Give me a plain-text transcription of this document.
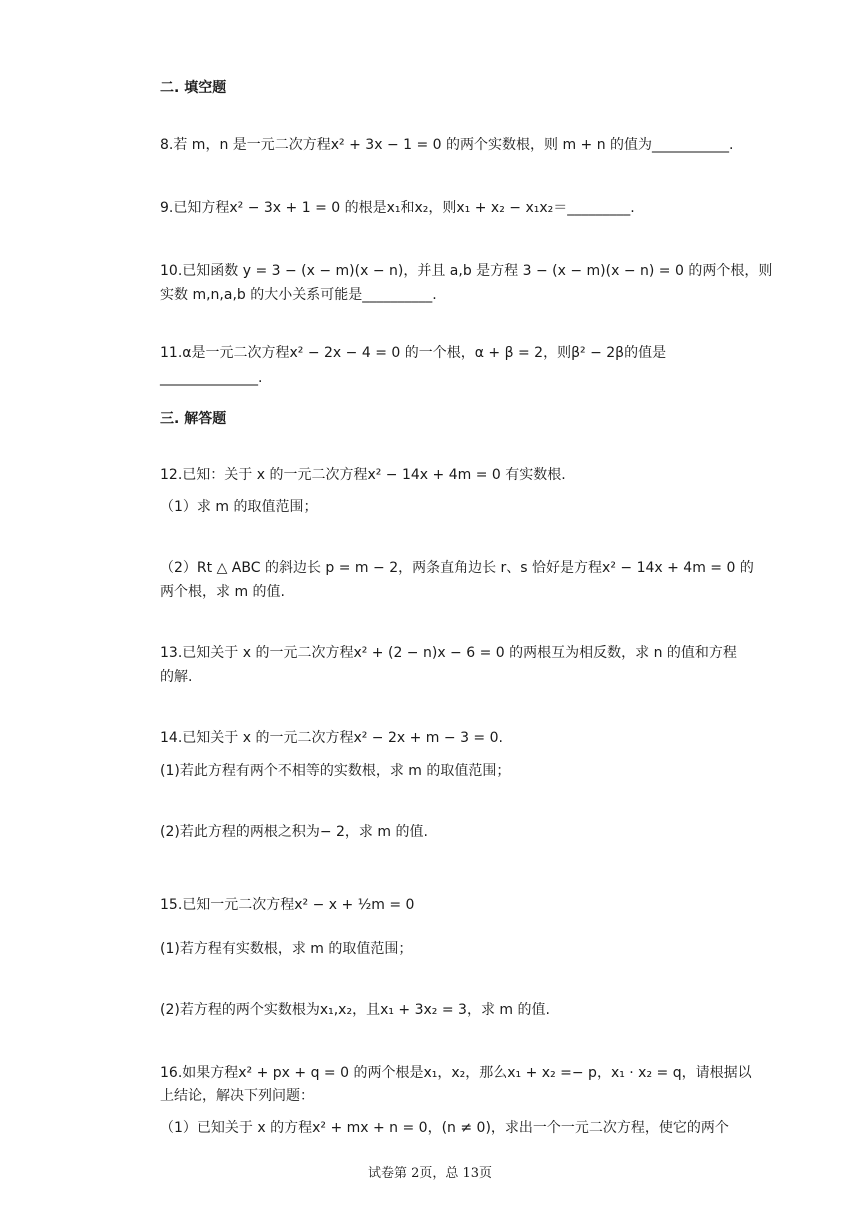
二. 填空题
8.若 m，n 是一元二次方程x² + 3x − 1 = 0 的两个实数根，则 m + n 的值为___________.
9.已知方程x² − 3x + 1 = 0 的根是x₁和x₂，则x₁ + x₂ − x₁x₂＝_________.
10.已知函数 y = 3 − (x − m)(x − n)，并且 a,b 是方程 3 − (x − m)(x − n) = 0 的两个根，则
实数 m,n,a,b 的大小关系可能是__________.
11.α是一元二次方程x² − 2x − 4 = 0 的一个根，α + β = 2，则β² − 2β的值是
______________.
三. 解答题
12.已知：关于 x 的一元二次方程x² − 14x + 4m = 0 有实数根.
（1）求 m 的取值范围；
（2）Rt △ ABC 的斜边长 p = m − 2，两条直角边长 r、s 恰好是方程x² − 14x + 4m = 0 的
两个根，求 m 的值.
13.已知关于 x 的一元二次方程x² + (2 − n)x − 6 = 0 的两根互为相反数，求 n 的值和方程
的解.
14.已知关于 x 的一元二次方程x² − 2x + m − 3 = 0.
(1)若此方程有两个不相等的实数根，求 m 的取值范围；
(2)若此方程的两根之积为− 2，求 m 的值.
15.已知一元二次方程x² − x + ½m = 0
(1)若方程有实数根，求 m 的取值范围；
(2)若方程的两个实数根为x₁,x₂，且x₁ + 3x₂ = 3，求 m 的值.
16.如果方程x² + px + q = 0 的两个根是x₁，x₂，那么x₁ + x₂ =− p，x₁ · x₂ = q，请根据以
上结论，解决下列问题：
（1）已知关于 x 的方程x² + mx + n = 0，(n ≠ 0)，求出一个一元二次方程，使它的两个
试卷第 2页，总 13页
